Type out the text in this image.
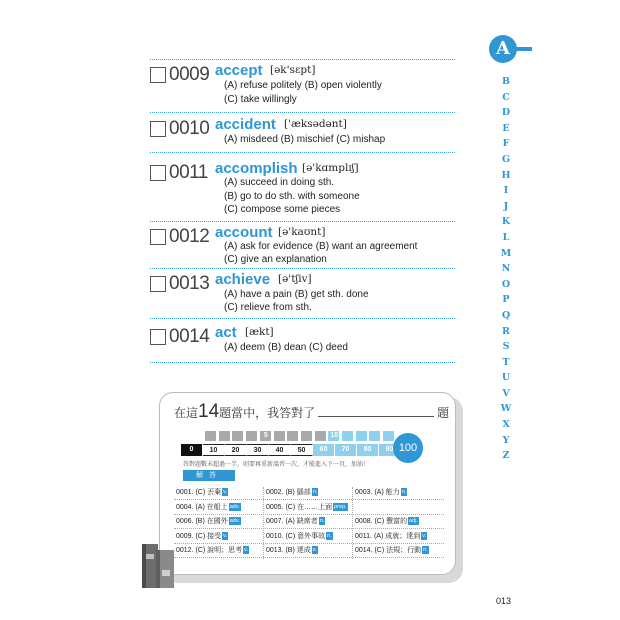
0009 accept [ək'sɛpt]
(A) refuse politely (B) open violently
(C) take willingly
0010 accident ['æksədənt]
(A) misdeed (B) mischief (C) mishap
0011 accomplish [ə'kɑmplɪʃ]
(A) succeed in doing sth.
(B) go to do sth. with someone
(C) compose some pieces
0012 account [ə'kaʊnt]
(A) ask for evidence (B) want an agreement
(C) give an explanation
0013 achieve [ə'tʃiv]
(A) have a pain (B) get sth. done
(C) relieve from sth.
0014 act [ækt]
(A) deem (B) dean (C) deed
A
B
C
D
E
F
G
H
I
J
K
L
M
N
O
P
Q
R
S
T
U
V
W
X
Y
Z
在這14題當中，我答對了	題
5	10
0	10	20	30	40	50	60	70	80	90 100
答對題數未超過一半，則要再重新溫習一次，才能進入下一頁，加油！
解答
0001. (C) 丟棄 v.	0002. (B) 腦部 n.	0003. (A) 能力 n.
0004. (A) 在船上 adv.	0005. (C) 在……上面 prep.
0006. (B) 在國外 adv.	0007. (A) 缺席者 n.	0008. (C) 豐富的 adj.
0009. (C) 接受 v.	0010. (C) 意外事故 n.	0011. (A) 成就；達到 v.
0012. (C) 說明；思考 v.	0013. (B) 達成 v.	0014. (C) 法規；行動 n.
013
